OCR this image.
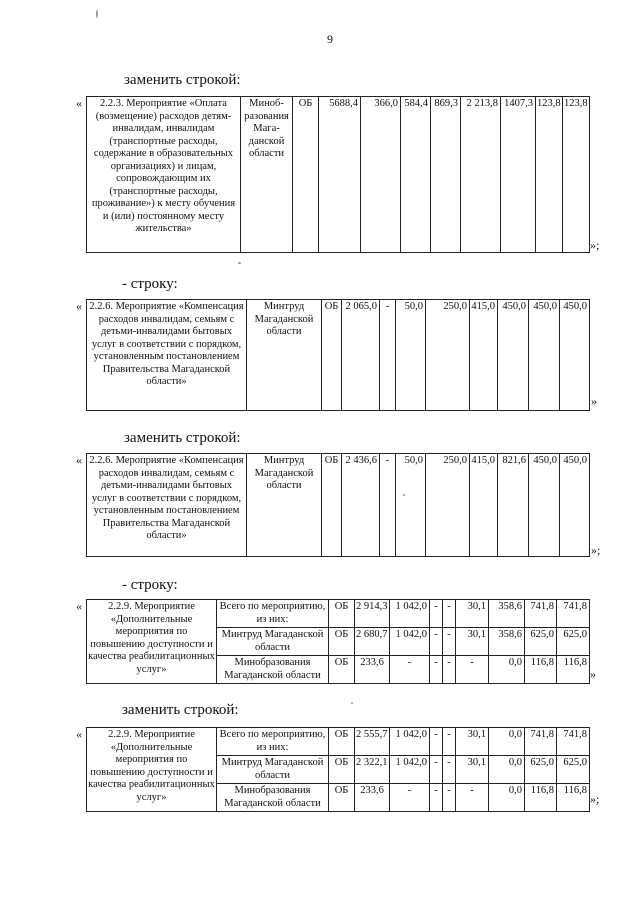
9
заменить строкой:
« 2.2.3. Мероприятие «Оплата (возмещение) расходов детям-инвалидам, инвалидам (транспортные расходы, содержание в образовательных организациях) и лицам, сопровождающим их (транспортные расходы, проживание») к месту обучения и (или) постоянному месту жительства»	Миноб-разования Мага-данской области	ОБ	5688,4	366,0	584,4	869,3	2 213,8	1407,3	123,8	123,8
»;
- строку:
« 2.2.6. Мероприятие «Компенсация расходов инвалидам, семьям с детьми-инвалидами бытовых услуг в соответствии с порядком, установленным постановлением Правительства Магаданской области»	Минтруд Магаданской области	ОБ	2 065,0	-	50,0	250,0	415,0	450,0	450,0	450,0
»
заменить строкой:
« 2.2.6. Мероприятие «Компенсация расходов инвалидам, семьям с детьми-инвалидами бытовых услуг в соответствии с порядком, установленным постановлением Правительства Магаданской области»	Минтруд Магаданской области	ОБ	2 436,6	-	50,0	250,0	415,0	821,6	450,0	450,0
»;
- строку:
« 2.2.9. Мероприятие «Дополнительные мероприятия по повышению доступности и качества реабилитационных услуг»	Всего по мероприятию, из них:	ОБ	2 914,3	1 042,0	-	-	30,1	358,6	741,8	741,8
	Минтруд Магаданской области	ОБ	2 680,7	1 042,0	-	-	30,1	358,6	625,0	625,0
	Минобразования Магаданской области	ОБ	233,6	-	-	-	-	0,0	116,8	116,8
»
заменить строкой:
« 2.2.9. Мероприятие «Дополнительные мероприятия по повышению доступности и качества реабилитационных услуг»	Всего по мероприятию, из них:	ОБ	2 555,7	1 042,0	-	-	30,1	0,0	741,8	741,8
	Минтруд Магаданской области	ОБ	2 322,1	1 042,0	-	-	30,1	0,0	625,0	625,0
	Минобразования Магаданской области	ОБ	233,6	-	-	-	-	0,0	116,8	116,8
»;
